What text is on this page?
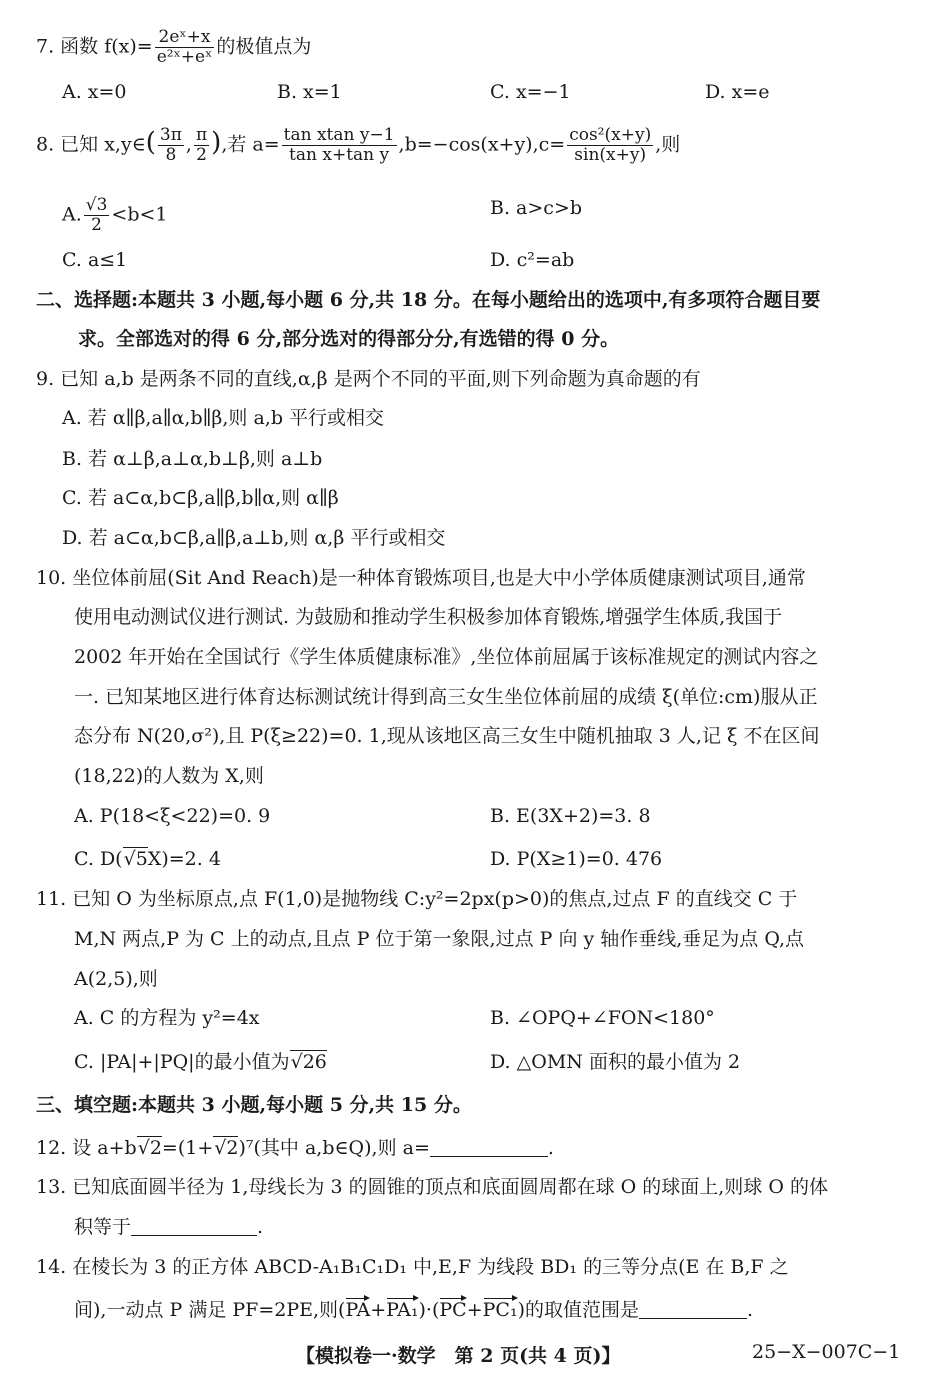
7. 函数 $f(x)= \frac{\text{2eˣ+x}}{\text{e²ˣ+eˣ}}$ 的极值点为
A. x=0	B. x=1	C. x=−1	D. x=e
8. 已知 x,y∈( $\frac{3\pi}{8}$ , $\frac{\pi}{2}$ ),若 $a= \frac{\text{tan xtan y−1}}{\text{tan x+tan y}} ,b=-\cos(x+y),c= \frac{\text{cos²(x+y)}}{\sin(x+y)}$ ,则
A. $\frac{√3}{2} <b<1$	B. a>c>b
C. a≤1	D. c²=ab
二、选择题:本题共 3 小题,每小题 6 分,共 18 分。在每小题给出的选项中,有多项符合题目要
求。全部选对的得 6 分,部分选对的得部分分,有选错的得 0 分。
9. 已知 a,b 是两条不同的直线,α,β 是两个不同的平面,则下列命题为真命题的有
A. 若 α∥β,a∥α,b∥β,则 a,b 平行或相交
B. 若 α⊥β,a⊥α,b⊥β,则 a⊥b
C. 若 a⊂α,b⊂β,a∥β,b∥α,则 α∥β
D. 若 a⊂α,b⊂β,a∥β,a⊥b,则 α,β 平行或相交
10. 坐位体前屈(Sit And Reach)是一种体育锻炼项目,也是大中小学体质健康测试项目,通常
使用电动测试仪进行测试. 为鼓励和推动学生积极参加体育锻炼,增强学生体质,我国于
2002 年开始在全国试行《学生体质健康标准》,坐位体前屈属于该标准规定的测试内容之
一. 已知某地区进行体育达标测试统计得到高三女生坐位体前屈的成绩 ξ(单位:cm)服从正
态分布 N(20,σ²),且 P(ξ≥22)=0. 1,现从该地区高三女生中随机抽取 3 人,记 ξ 不在区间
(18,22)的人数为 X,则
A. P(18<ξ<22)=0. 9	B. E(3X+2)=3. 8
C. D(√5X)=2. 4	D. P(X≥1)=0. 476
11. 已知 O 为坐标原点,点 F(1,0)是抛物线 C:y²=2px(p>0)的焦点,过点 F 的直线交 C 于
M,N 两点,P 为 C 上的动点,且点 P 位于第一象限,过点 P 向 y 轴作垂线,垂足为点 Q,点
A(2,5),则
A. C 的方程为 y²=4x	B. ∠OPQ+∠FON<180°
C. |PA|+|PQ|的最小值为√26	D. △OMN 面积的最小值为 2
三、填空题:本题共 3 小题,每小题 5 分,共 15 分。
12. 设 a+b√2=(1+√2)⁷(其中 a,b∈Q),则 a=	.
13. 已知底面圆半径为 1,母线长为 3 的圆锥的顶点和底面圆周都在球 O 的球面上,则球 O 的体
积等于	.
14. 在棱长为 3 的正方体 ABCD-A₁B₁C₁D₁ 中,E,F 为线段 BD₁ 的三等分点(E 在 B,F 之
间),一动点 P 满足 PF=2PE,则(PA+PA₁)·(PC+PC₁)的取值范围是	.
【模拟卷一·数学　第 2 页(共 4 页)】	25−X−007C−1
